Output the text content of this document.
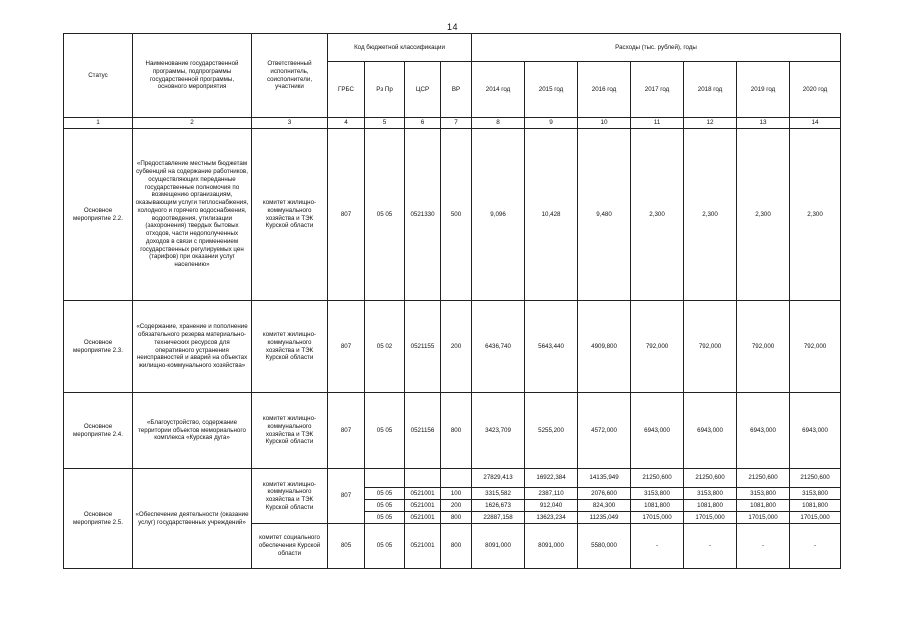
14
Статус	Наименование государственной программы, подпрограммы государственной программы, основного мероприятия	Ответственный исполнитель, соисполнители, участники	Код бюджетной классификации				Расходы (тыс. рублей), годы						
			ГРБС	Рз Пр	ЦСР	ВР	2014 год	2015 год	2016 год	2017 год	2018 год	2019 год	2020 год
1	2	3	4	5	6	7	8	9	10	11	12	13	14
Основное мероприятие 2.2.	«Предоставление местным бюджетам субвенций на содержание работников, осуществляющих переданные государственные полномочия по возмещению организациям, оказывающим услуги теплоснабжения, холодного и горячего водоснабжения, водоотведения, утилизации (захоронения) твердых бытовых отходов, части недополученных доходов в связи с применением государственных регулируемых цен (тарифов) при оказании услуг населению»	комитет жилищно-коммунального хозяйства и ТЭК Курской области	807	05 05	0521330	500	9,096	10,428	9,480	2,300	2,300	2,300	2,300
Основное мероприятие 2.3.	«Содержание, хранение и пополнение обязательного резерва материально-технических ресурсов для оперативного устранения неисправностей и аварий на объектах жилищно-коммунального хозяйства»	комитет жилищно-коммунального хозяйства и ТЭК Курской области	807	05 02	0521155	200	6436,740	5643,440	4909,800	792,000	792,000	792,000	792,000
Основное мероприятие 2.4.	«Благоустройство, содержание территории объектов мемориального комплекса «Курская дуга»	комитет жилищно-коммунального хозяйства и ТЭК Курской области	807	05 05	0521156	800	3423,709	5255,200	4572,000	6943,000	6943,000	6943,000	6943,000
Основное мероприятие 2.5.	«Обеспечение деятельности (оказание услуг) государственных учреждений»	комитет жилищно-коммунального хозяйства и ТЭК Курской области	807				27829,413	16922,384	14135,949	21250,600	21250,600	21250,600	21250,600
				05 05	0521001	100	3315,582	2387,110	2076,600	3153,800	3153,800	3153,800	3153,800
				05 05	0521001	200	1626,673	912,040	824,300	1081,800	1081,800	1081,800	1081,800
				05 05	0521001	800	22887,158	13623,234	11235,049	17015,000	17015,000	17015,000	17015,000
		комитет социального обеспечения Курской области	805	05 05	0521001	800	8091,000	8091,000	5580,000	-	-	-	-
